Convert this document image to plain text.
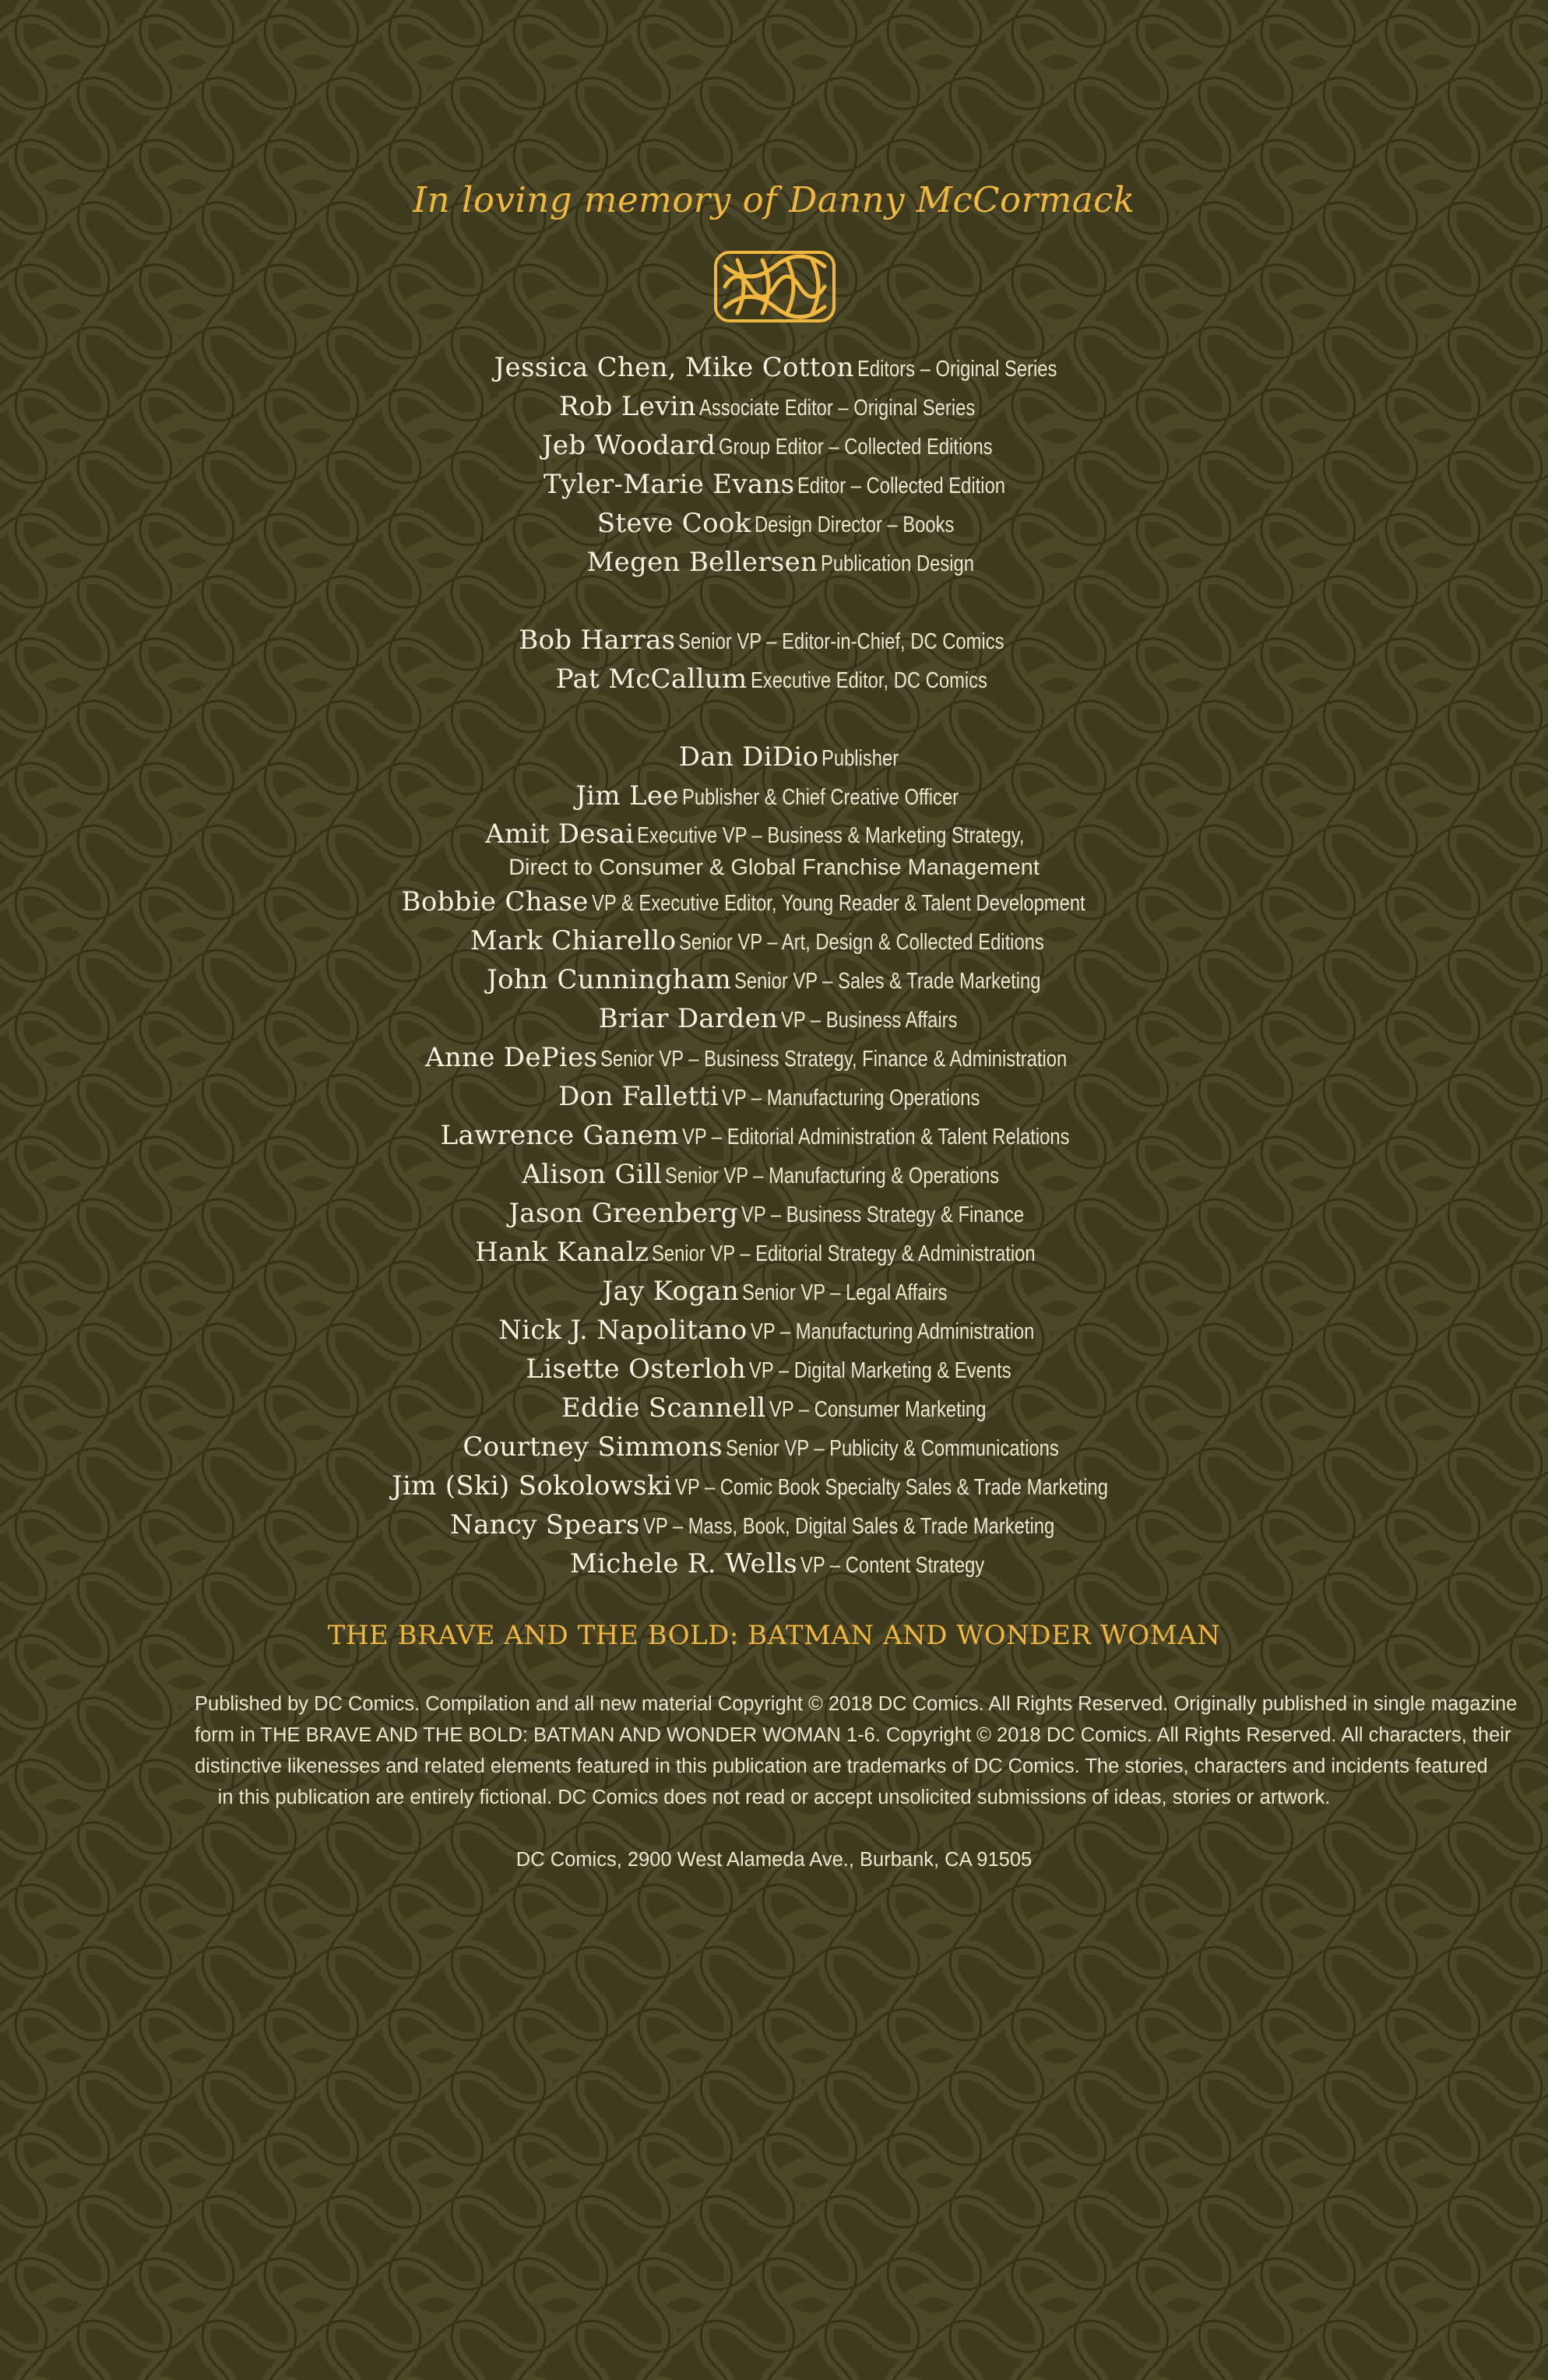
In loving memory of Danny McCormack
Jessica Chen, Mike Cotton Editors – Original Series
Rob Levin Associate Editor – Original Series
Jeb Woodard Group Editor – Collected Editions
Tyler-Marie Evans Editor – Collected Edition
Steve Cook Design Director – Books
Megen Bellersen Publication Design
Bob Harras Senior VP – Editor-in-Chief, DC Comics
Pat McCallum Executive Editor, DC Comics
Dan DiDio Publisher
Jim Lee Publisher & Chief Creative Officer
Amit Desai Executive VP – Business & Marketing Strategy,
Direct to Consumer & Global Franchise Management
Bobbie Chase VP & Executive Editor, Young Reader & Talent Development
Mark Chiarello Senior VP – Art, Design & Collected Editions
John Cunningham Senior VP – Sales & Trade Marketing
Briar Darden VP – Business Affairs
Anne DePies Senior VP – Business Strategy, Finance & Administration
Don Falletti VP – Manufacturing Operations
Lawrence Ganem VP – Editorial Administration & Talent Relations
Alison Gill Senior VP – Manufacturing & Operations
Jason Greenberg VP – Business Strategy & Finance
Hank Kanalz Senior VP – Editorial Strategy & Administration
Jay Kogan Senior VP – Legal Affairs
Nick J. Napolitano VP – Manufacturing Administration
Lisette Osterloh VP – Digital Marketing & Events
Eddie Scannell VP – Consumer Marketing
Courtney Simmons Senior VP – Publicity & Communications
Jim (Ski) Sokolowski VP – Comic Book Specialty Sales & Trade Marketing
Nancy Spears VP – Mass, Book, Digital Sales & Trade Marketing
Michele R. Wells VP – Content Strategy
THE BRAVE AND THE BOLD: BATMAN AND WONDER WOMAN
Published by DC Comics. Compilation and all new material Copyright © 2018 DC Comics. All Rights Reserved. Originally published in single magazine
form in THE BRAVE AND THE BOLD: BATMAN AND WONDER WOMAN 1-6. Copyright © 2018 DC Comics. All Rights Reserved. All characters, their
distinctive likenesses and related elements featured in this publication are trademarks of DC Comics. The stories, characters and incidents featured
in this publication are entirely fictional. DC Comics does not read or accept unsolicited submissions of ideas, stories or artwork.
DC Comics, 2900 West Alameda Ave., Burbank, CA 91505
